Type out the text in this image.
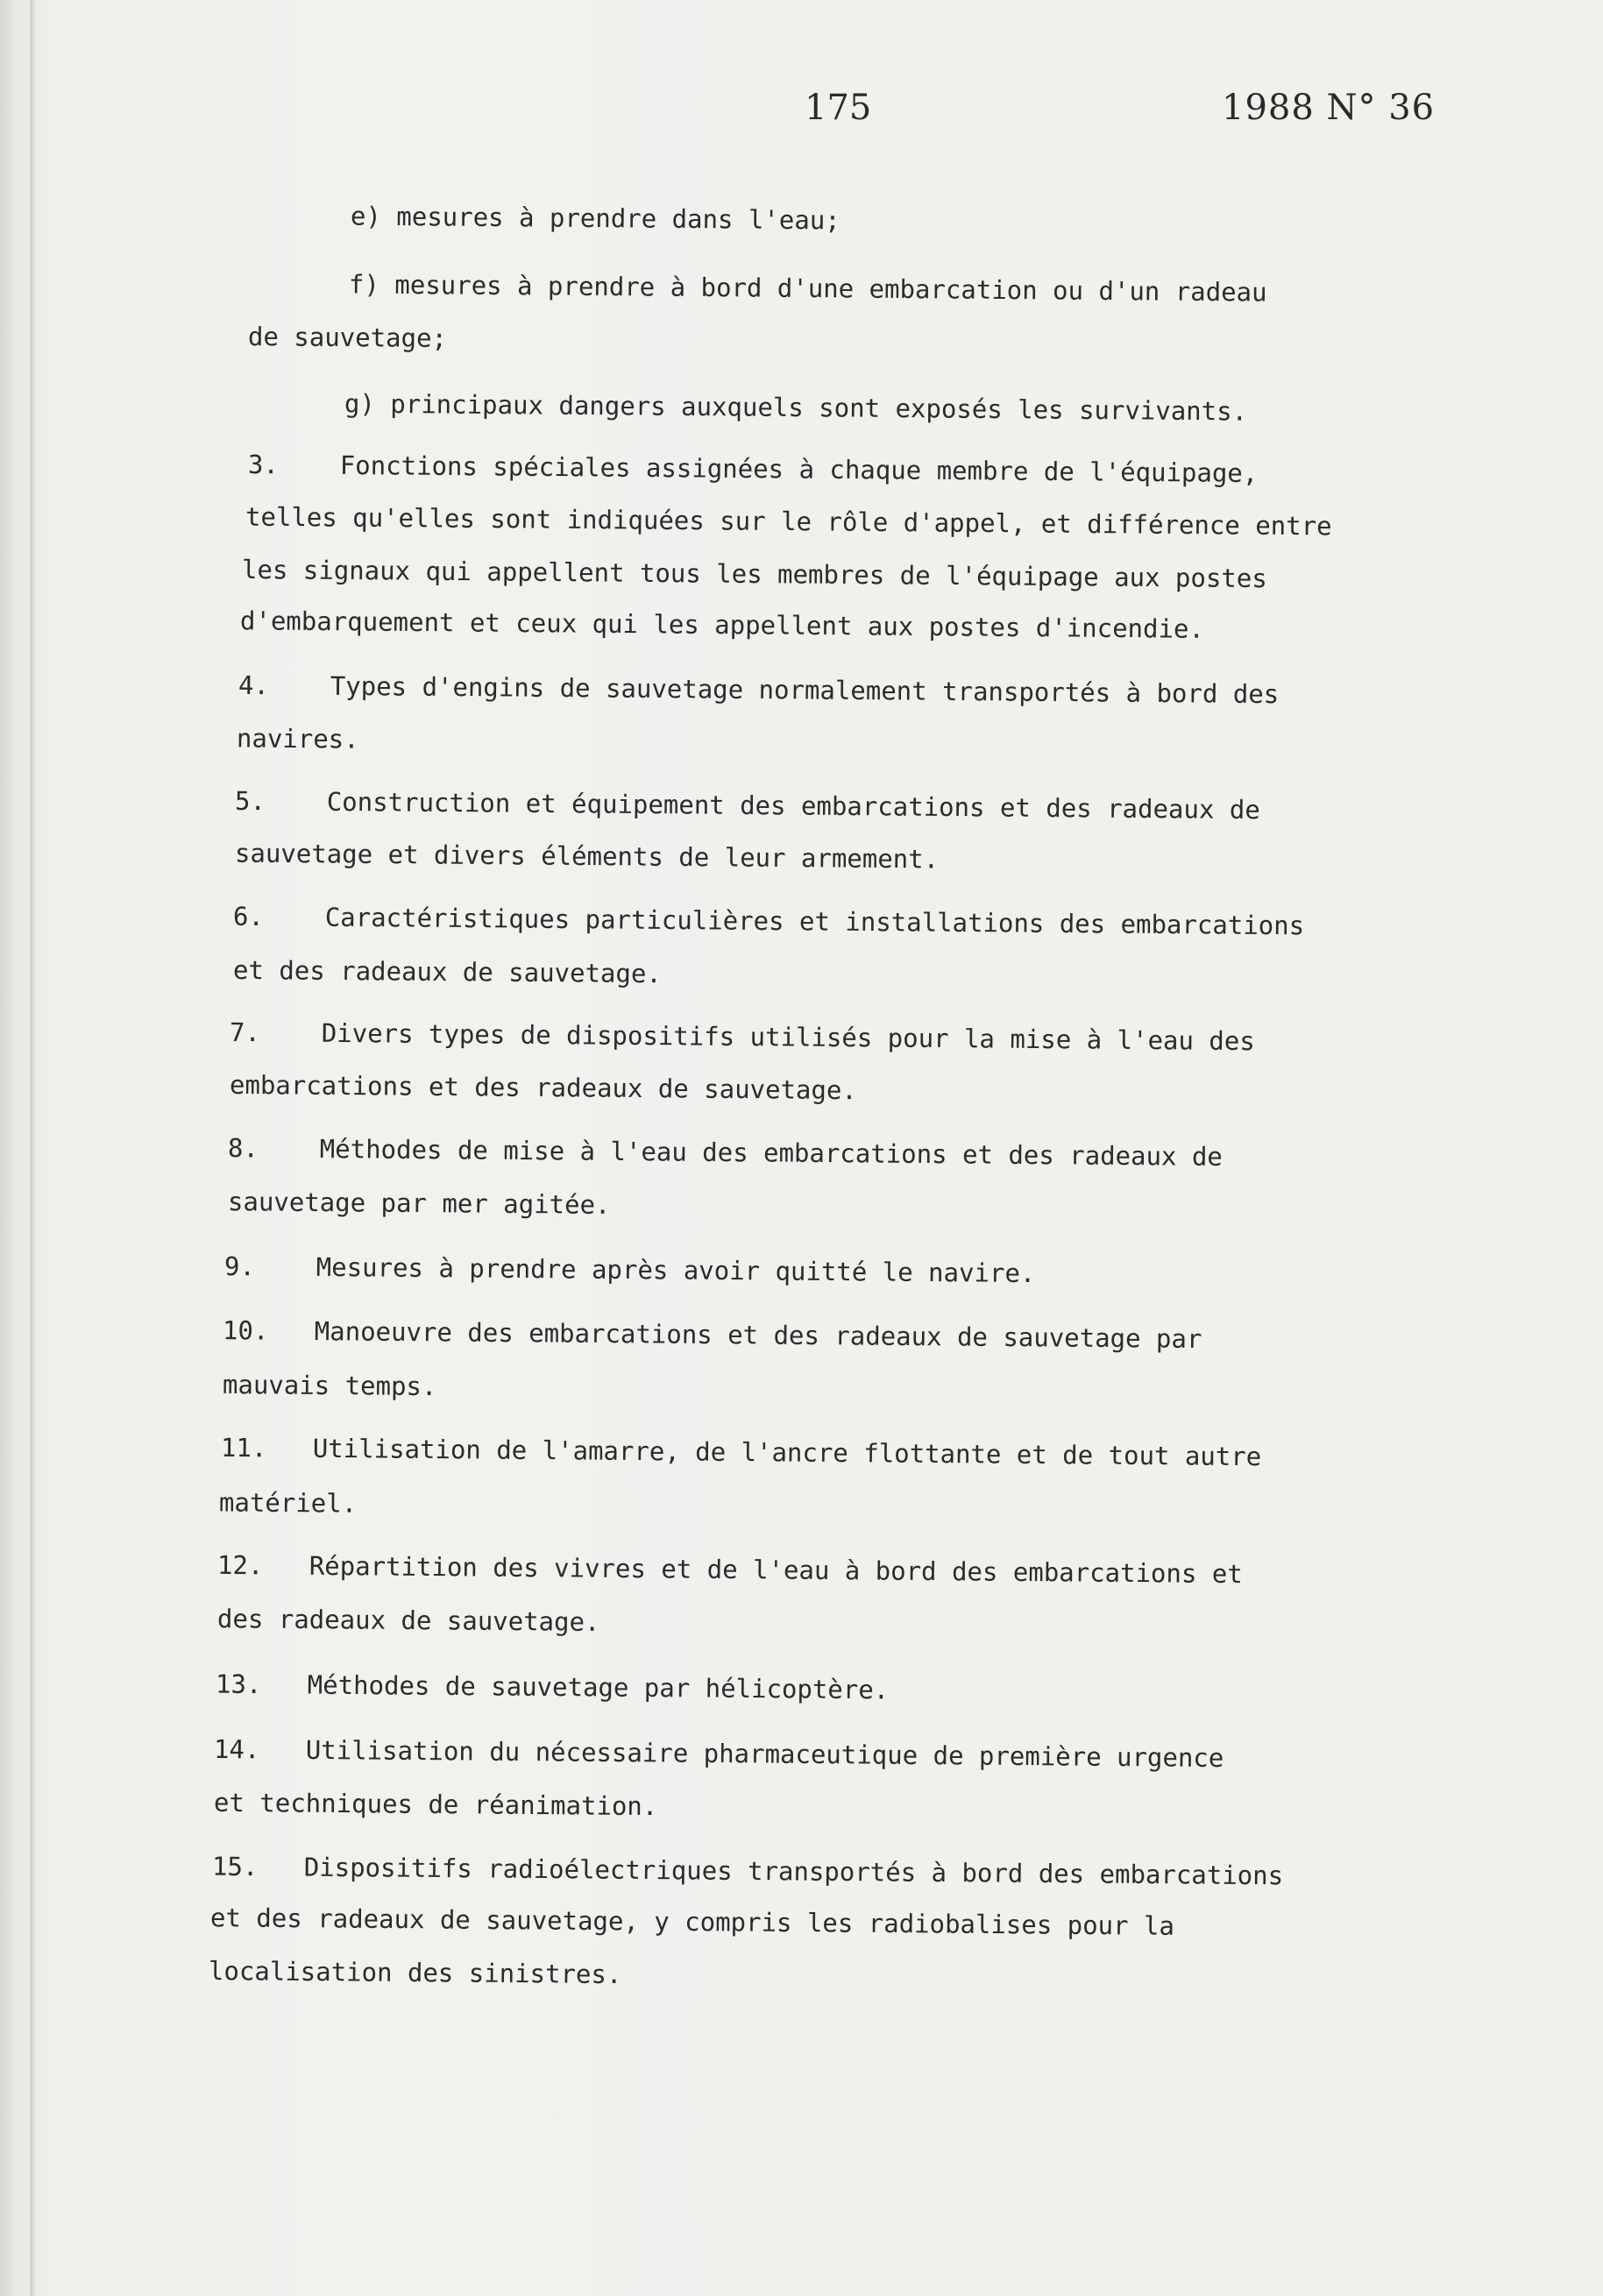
175	1988 N° 36
e) mesures à prendre dans l'eau;
f) mesures à prendre à bord d'une embarcation ou d'un radeau
de sauvetage;
g) principaux dangers auxquels sont exposés les survivants.
3.    Fonctions spéciales assignées à chaque membre de l'équipage,
telles qu'elles sont indiquées sur le rôle d'appel, et différence entre
les signaux qui appellent tous les membres de l'équipage aux postes
d'embarquement et ceux qui les appellent aux postes d'incendie.
4.    Types d'engins de sauvetage normalement transportés à bord des
navires.
5.    Construction et équipement des embarcations et des radeaux de
sauvetage et divers éléments de leur armement.
6.    Caractéristiques particulières et installations des embarcations
et des radeaux de sauvetage.
7.    Divers types de dispositifs utilisés pour la mise à l'eau des
embarcations et des radeaux de sauvetage.
8.    Méthodes de mise à l'eau des embarcations et des radeaux de
sauvetage par mer agitée.
9.    Mesures à prendre après avoir quitté le navire.
10.   Manoeuvre des embarcations et des radeaux de sauvetage par
mauvais temps.
11.   Utilisation de l'amarre, de l'ancre flottante et de tout autre
matériel.
12.   Répartition des vivres et de l'eau à bord des embarcations et
des radeaux de sauvetage.
13.   Méthodes de sauvetage par hélicoptère.
14.   Utilisation du nécessaire pharmaceutique de première urgence
et techniques de réanimation.
15.   Dispositifs radioélectriques transportés à bord des embarcations
et des radeaux de sauvetage, y compris les radiobalises pour la
localisation des sinistres.
